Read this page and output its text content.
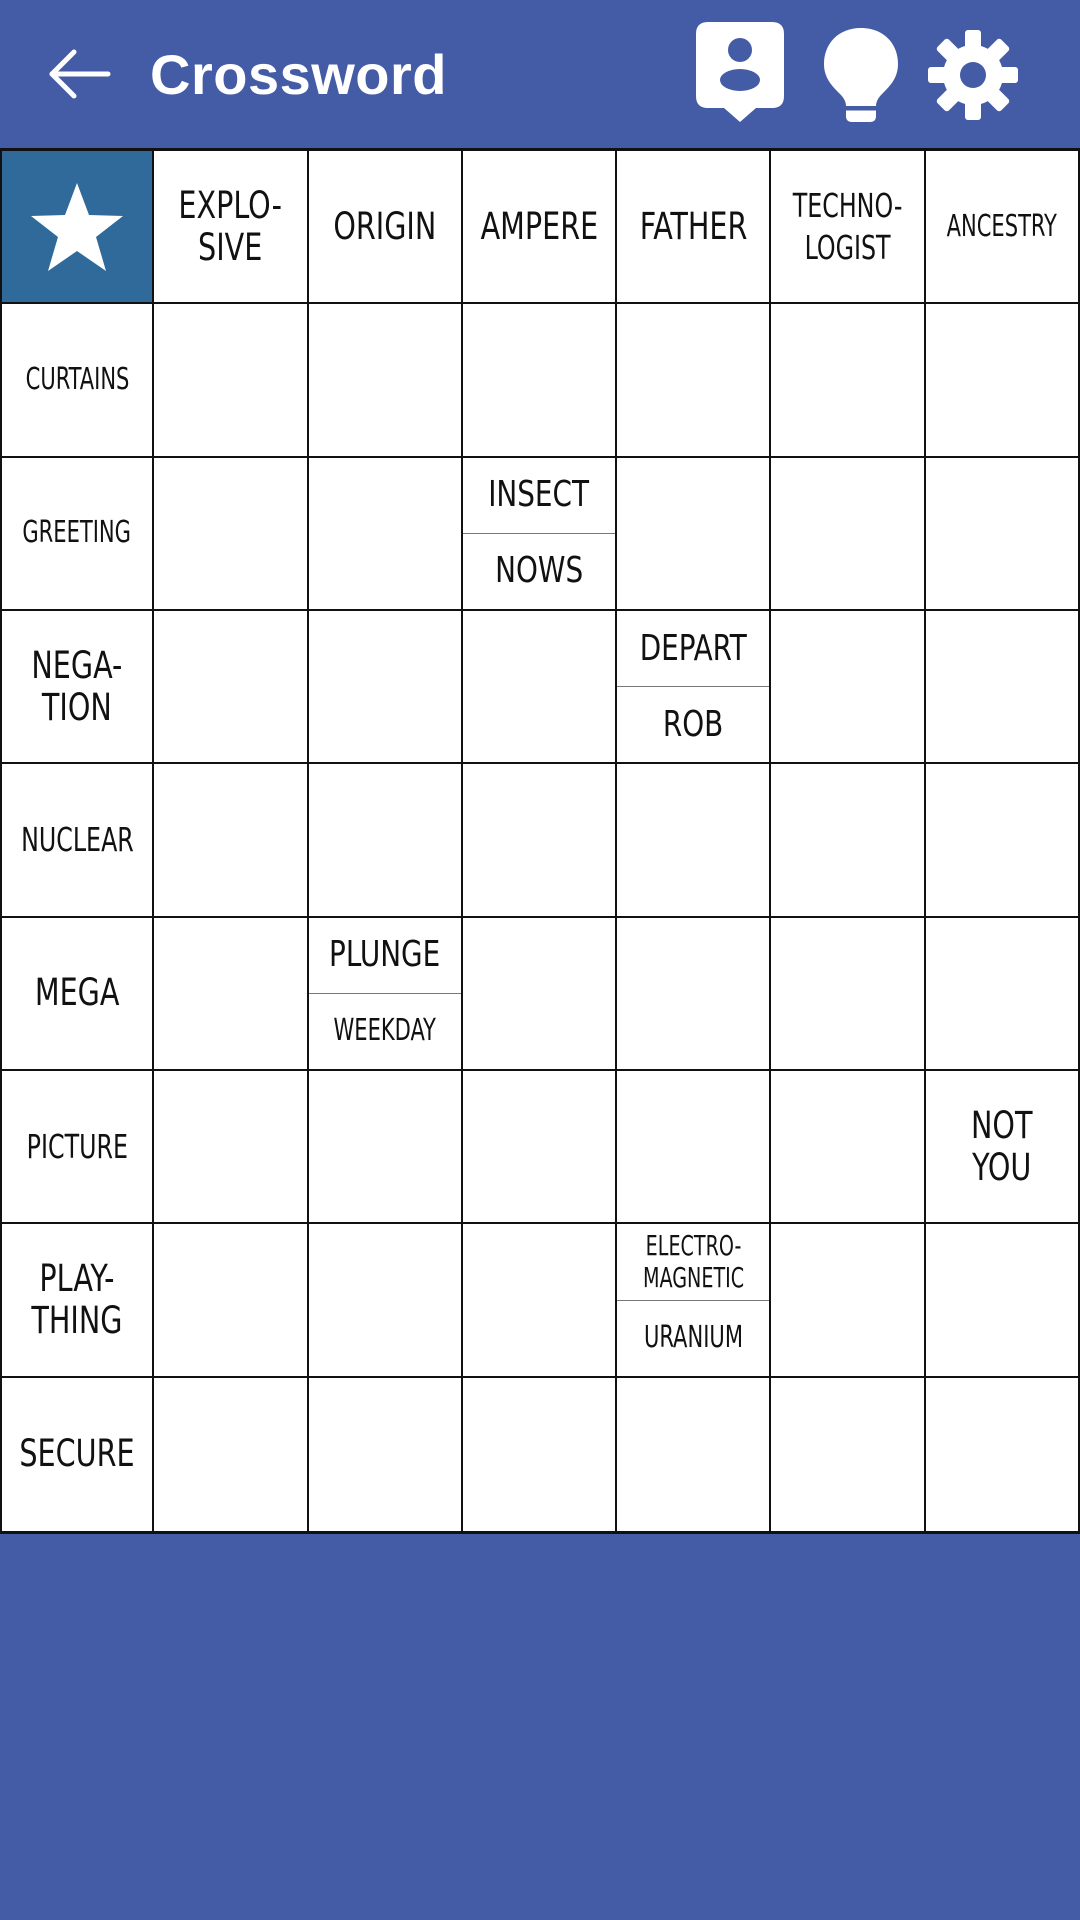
Crossword
EXPLO-
SIVE	ORIGIN AMPERE FATHER TECHNO-
LOGIST
ANCESTRY
CURTAINS
GREETING
INSECT
NOWS
NEGA-
TION
DEPART
ROB
NUCLEAR
MEGA
PLUNGE
WEEKDAY
PICTURE	NOT
YOU
PLAY-
THING
ELECTRO-
MAGNETIC
URANIUM
SECURE
